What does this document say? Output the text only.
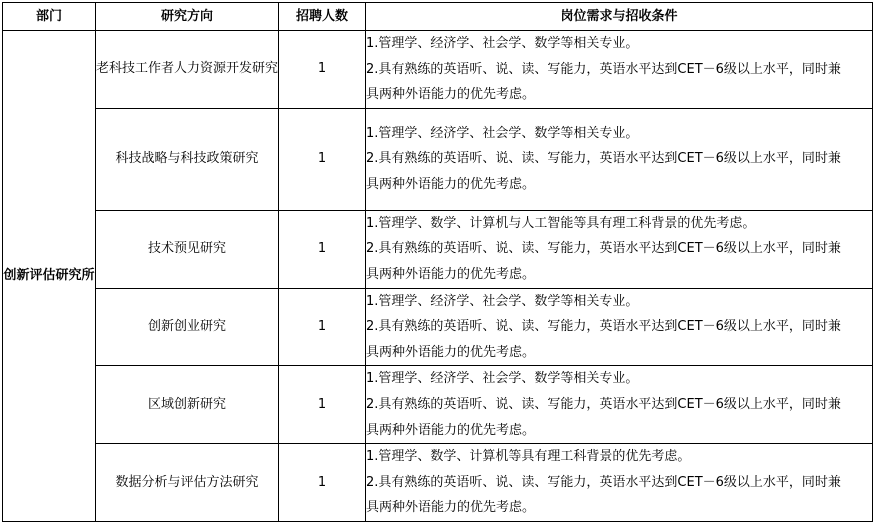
部门	研究方向	招聘人数	岗位需求与招收条件
创新评估研究所	老科技工作者人力资源开发研究	1	1.管理学、经济学、社会学、数学等相关专业。
2.具有熟练的英语听、说、读、写能力，英语水平达到CET－6级以上水平，同时兼
具两种外语能力的优先考虑。

	科技战略与科技政策研究	1	1.管理学、经济学、社会学、数学等相关专业。
2.具有熟练的英语听、说、读、写能力，英语水平达到CET－6级以上水平，同时兼
具两种外语能力的优先考虑。

	技术预见研究	1	1.管理学、数学、计算机与人工智能等具有理工科背景的优先考虑。
2.具有熟练的英语听、说、读、写能力，英语水平达到CET－6级以上水平，同时兼
具两种外语能力的优先考虑。

	创新创业研究	1	1.管理学、经济学、社会学、数学等相关专业。
2.具有熟练的英语听、说、读、写能力，英语水平达到CET－6级以上水平，同时兼
具两种外语能力的优先考虑。

	区域创新研究	1	1.管理学、经济学、社会学、数学等相关专业。
2.具有熟练的英语听、说、读、写能力，英语水平达到CET－6级以上水平，同时兼
具两种外语能力的优先考虑。

	数据分析与评估方法研究	1	1.管理学、数学、计算机等具有理工科背景的优先考虑。
2.具有熟练的英语听、说、读、写能力，英语水平达到CET－6级以上水平，同时兼
具两种外语能力的优先考虑。
